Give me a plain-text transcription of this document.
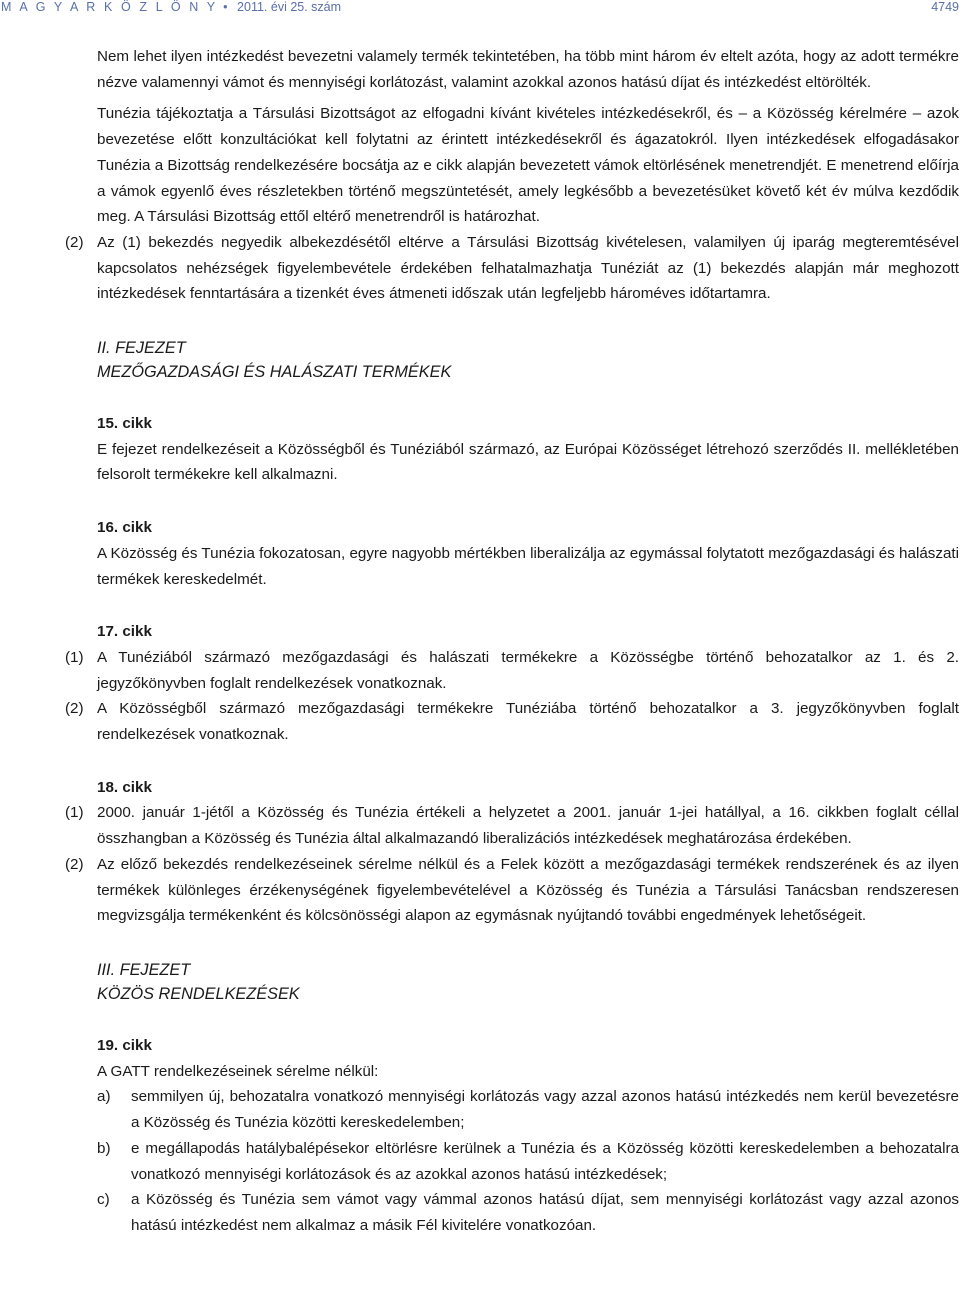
M A G Y A R K Ö Z L Ö N Y • 2011. évi 25. szám	4749

Nem lehet ilyen intézkedést bevezetni valamely termék tekintetében, ha több mint három év eltelt azóta, hogy az adott termékre nézve valamennyi vámot és mennyiségi korlátozást, valamint azokkal azonos hatású díjat és intézkedést eltörölték.

Tunézia tájékoztatja a Társulási Bizottságot az elfogadni kívánt kivételes intézkedésekről, és – a Közösség kérelmére – azok bevezetése előtt konzultációkat kell folytatni az érintett intézkedésekről és ágazatokról. Ilyen intézkedések elfogadásakor Tunézia a Bizottság rendelkezésére bocsátja az e cikk alapján bevezetett vámok eltörlésének menetrendjét. E menetrend előírja a vámok egyenlő éves részletekben történő megszüntetését, amely legkésőbb a bevezetésüket követő két év múlva kezdődik meg. A Társulási Bizottság ettől eltérő menetrendről is határozhat.

(2) Az (1) bekezdés negyedik albekezdésétől eltérve a Társulási Bizottság kivételesen, valamilyen új iparág megteremtésével kapcsolatos nehézségek figyelembevétele érdekében felhatalmazhatja Tunéziát az (1) bekezdés alapján már meghozott intézkedések fenntartására a tizenkét éves átmeneti időszak után legfeljebb hároméves időtartamra.

II. FEJEZET

MEZŐGAZDASÁGI ÉS HALÁSZATI TERMÉKEK

15. cikk

E fejezet rendelkezéseit a Közösségből és Tunéziából származó, az Európai Közösséget létrehozó szerződés II. mellékletében felsorolt termékekre kell alkalmazni.

16. cikk

A Közösség és Tunézia fokozatosan, egyre nagyobb mértékben liberalizálja az egymással folytatott mezőgazdasági és halászati termékek kereskedelmét.

17. cikk

(1) A Tunéziából származó mezőgazdasági és halászati termékekre a Közösségbe történő behozatalkor az 1. és 2. jegyzőkönyvben foglalt rendelkezések vonatkoznak.
(2) A Közösségből származó mezőgazdasági termékekre Tunéziába történő behozatalkor a 3. jegyzőkönyvben foglalt rendelkezések vonatkoznak.

18. cikk

(1) 2000. január 1-jétől a Közösség és Tunézia értékeli a helyzetet a 2001. január 1-jei hatállyal, a 16. cikkben foglalt céllal összhangban a Közösség és Tunézia által alkalmazandó liberalizációs intézkedések meghatározása érdekében.
(2) Az előző bekezdés rendelkezéseinek sérelme nélkül és a Felek között a mezőgazdasági termékek rendszerének és az ilyen termékek különleges érzékenységének figyelembevételével a Közösség és Tunézia a Társulási Tanácsban rendszeresen megvizsgálja termékenként és kölcsönösségi alapon az egymásnak nyújtandó további engedmények lehetőségeit.

III. FEJEZET

KÖZÖS RENDELKEZÉSEK

19. cikk

A GATT rendelkezéseinek sérelme nélkül:

a) semmilyen új, behozatalra vonatkozó mennyiségi korlátozás vagy azzal azonos hatású intézkedés nem kerül bevezetésre a Közösség és Tunézia közötti kereskedelemben;
b) e megállapodás hatálybalépésekor eltörlésre kerülnek a Tunézia és a Közösség közötti kereskedelemben a behozatalra vonatkozó mennyiségi korlátozások és az azokkal azonos hatású intézkedések;
c) a Közösség és Tunézia sem vámot vagy vámmal azonos hatású díjat, sem mennyiségi korlátozást vagy azzal azonos hatású intézkedést nem alkalmaz a másik Fél kivitelére vonatkozóan.
